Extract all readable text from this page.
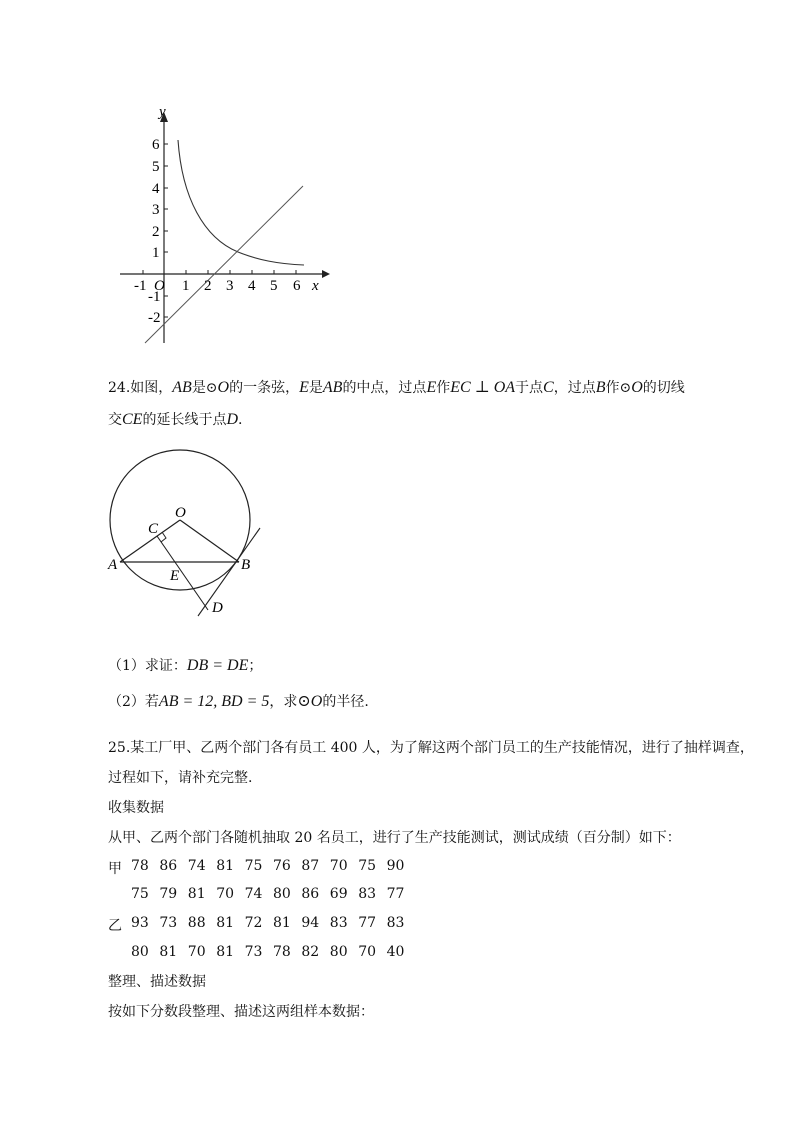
y
x
O
-1 1 2 3 4 5 6
6
5
4
3
2
1
-1
-2
24.如图，AB是⊙O的一条弦，E是AB的中点，过点E作EC ⊥ OA于点C，过点B作⊙O的切线
交CE的延长线于点D.
O
C
A
E
B
D
（1）求证：DB = DE；
（2）若AB = 12, BD = 5，求⊙O的半径.
25.某工厂甲、乙两个部门各有员工 400 人，为了解这两个部门员工的生产技能情况，进行了抽样调查，
过程如下，请补充完整.
收集数据
从甲、乙两个部门各随机抽取 20 名员工，进行了生产技能测试，测试成绩（百分制）如下：
甲
乙
78 86 74 81 75 76 87 70 75 90
75 79 81 70 74 80 86 69 83 77
93 73 88 81 72 81 94 83 77 83
80 81 70 81 73 78 82 80 70 40
整理、描述数据
按如下分数段整理、描述这两组样本数据：
